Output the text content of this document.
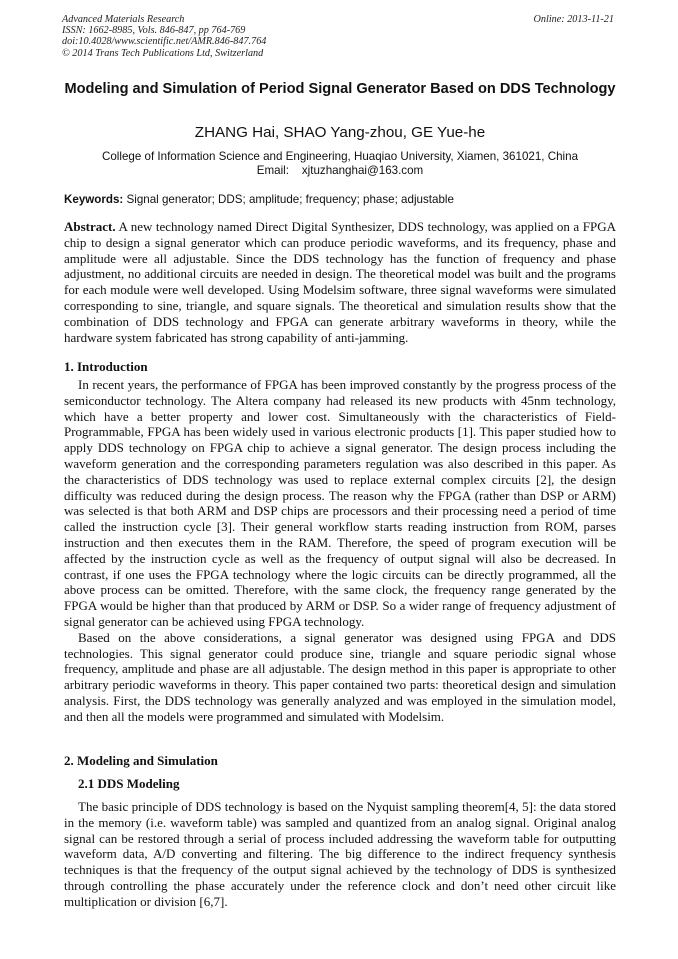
Advanced Materials Research
ISSN: 1662-8985, Vols. 846-847, pp 764-769
doi:10.4028/www.scientific.net/AMR.846-847.764
© 2014 Trans Tech Publications Ltd, Switzerland
Online: 2013-11-21
Modeling and Simulation of Period Signal Generator Based on DDS Technology
ZHANG Hai, SHAO Yang-zhou, GE Yue-he
College of Information Science and Engineering, Huaqiao University, Xiamen, 361021, China
Email: xjtuzhanghai@163.com
Keywords: Signal generator; DDS; amplitude; frequency; phase; adjustable

Abstract. A new technology named Direct Digital Synthesizer, DDS technology, was applied on a FPGA chip to design a signal generator which can produce periodic waveforms, and its frequency, phase and amplitude were all adjustable. Since the DDS technology has the function of frequency and phase adjustment, no additional circuits are needed in design. The theoretical model was built and the programs for each module were well developed. Using Modelsim software, three signal waveforms were simulated corresponding to sine, triangle, and square signals. The theoretical and simulation results show that the combination of DDS technology and FPGA can generate arbitrary waveforms in theory, while the hardware system fabricated has strong capability of anti-jamming.

1. Introduction

In recent years, the performance of FPGA has been improved constantly by the progress process of the semiconductor technology. The Altera company had released its new products with 45nm technology, which have a better property and lower cost. Simultaneously with the characteristics of Field-Programmable, FPGA has been widely used in various electronic products [1]. This paper studied how to apply DDS technology on FPGA chip to achieve a signal generator. The design process including the waveform generation and the corresponding parameters regulation was also described in this paper. As the characteristics of DDS technology was used to replace external complex circuits [2], the design difficulty was reduced during the design process. The reason why the FPGA (rather than DSP or ARM) was selected is that both ARM and DSP chips are processors and their processing need a period of time called the instruction cycle [3]. Their general workflow starts reading instruction from ROM, parses instruction and then executes them in the RAM. Therefore, the speed of program execution will be affected by the instruction cycle as well as the frequency of output signal will also be decreased. In contrast, if one uses the FPGA technology where the logic circuits can be directly programmed, all the above process can be omitted. Therefore, with the same clock, the frequency range generated by the FPGA would be higher than that produced by ARM or DSP. So a wider range of frequency adjustment of signal generator can be achieved using FPGA technology.

Based on the above considerations, a signal generator was designed using FPGA and DDS technologies. This signal generator could produce sine, triangle and square periodic signal whose frequency, amplitude and phase are all adjustable. The design method in this paper is appropriate to other arbitrary periodic waveforms in theory. This paper contained two parts: theoretical design and simulation analysis. First, the DDS technology was generally analyzed and was employed in the simulation model, and then all the models were programmed and simulated with Modelsim.

2. Modeling and Simulation
2.1 DDS Modeling

The basic principle of DDS technology is based on the Nyquist sampling theorem[4, 5]: the data stored in the memory (i.e. waveform table) was sampled and quantized from an analog signal. Original analog signal can be restored through a serial of process included addressing the waveform table for outputting waveform data, A/D converting and filtering. The big difference to the indirect frequency synthesis techniques is that the frequency of the output signal achieved by the technology of DDS is synthesized through controlling the phase accurately under the reference clock and don’t need other circuit like multiplication or division [6,7].
